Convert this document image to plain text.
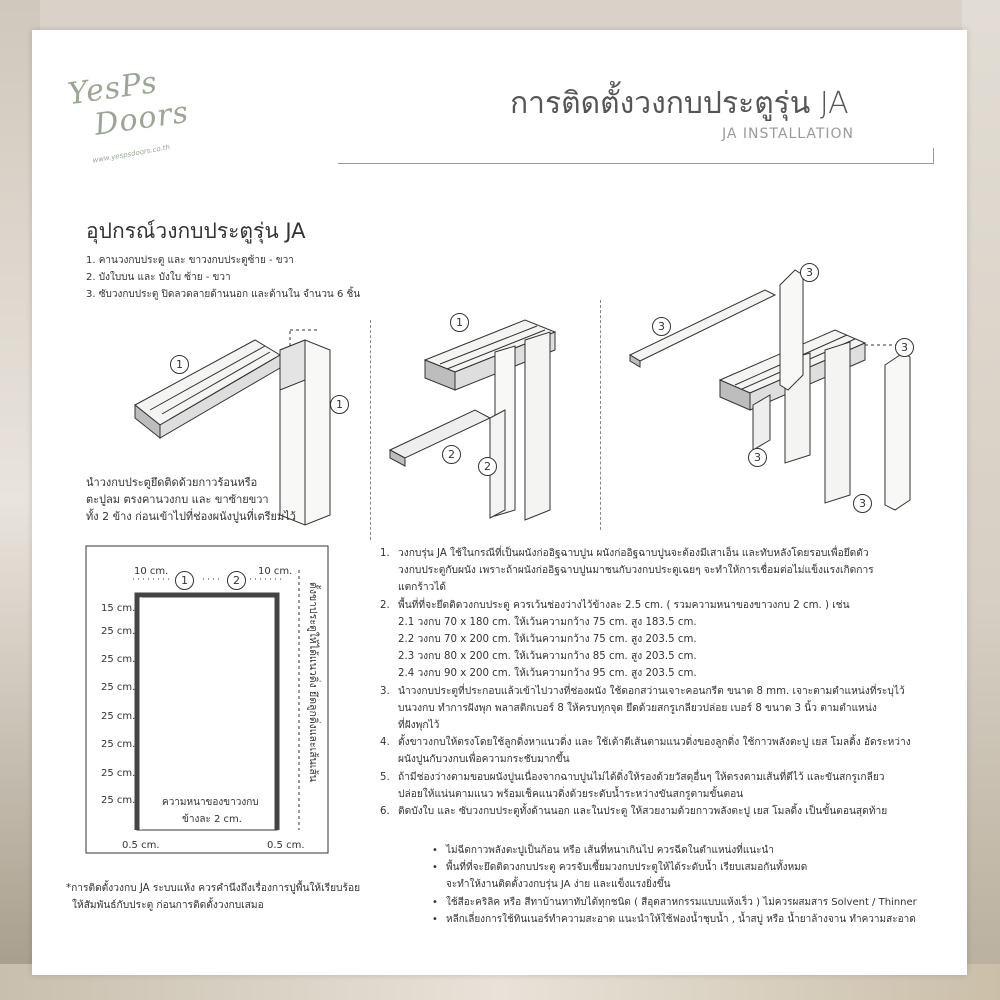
YesPs
Doors
www.yespsdoors.co.th
การติดตั้งวงกบประตูรุ่น JA
JA INSTALLATION
อุปกรณ์วงกบประตูรุ่น JA
1. คานวงกบประตู และ ขาวงกบประตูซ้าย - ขวา
2. บังใบบน และ บังใบ ซ้าย - ขวา
3. ซับวงกบประตู ปิดลวดลายด้านนอก และด้านใน จำนวน 6 ชิ้น
1
1
1
2
2
3
3
3
3
3
นำวงกบประตูยึดติดด้วยกาวร้อนหรือ
ตะปูลม ตรงคานวงกบ และ ขาซ้ายขวา
ทั้ง 2 ข้าง ก่อนเข้าไปที่ช่องผนังปูนที่เตรียมไว้
10 cm.	10 cm.
1	2
15 cm.
25 cm.
25 cm.
25 cm.
25 cm.
25 cm.
25 cm.
25 cm.	ความหนาของขาวงกบ
ข้างละ 2 cm.
0.5 cm.	0.5 cm.
ตั้งขาประตูให้ได้แนวดิ่ง ยึดลูกดิ่งและเส้นเส้น
1. วงกบรุ่น JA ใช้ในกรณีที่เป็นผนังก่ออิฐฉาบปูน ผนังก่ออิฐฉาบปูนจะต้องมีเสาเอ็น และทับหลังโดยรอบเพื่อยึดตัว
วงกบประตูกับผนัง เพราะถ้าผนังก่ออิฐฉาบปูนมาชนกับวงกบประตูเฉยๆ จะทำให้การเชื่อมต่อไม่แข็งแรงเกิดการ
แตกร้าวได้
2. พื้นที่ที่จะยึดติดวงกบประตู ควรเว้นช่องว่างไว้ข้างละ 2.5 cm. ( รวมความหนาของขาวงกบ 2 cm. ) เช่น
2.1 วงกบ 70 x 180 cm. ให้เว้นความกว้าง 75 cm. สูง 183.5 cm.
2.2 วงกบ 70 x 200 cm. ให้เว้นความกว้าง 75 cm. สูง 203.5 cm.
2.3 วงกบ 80 x 200 cm. ให้เว้นความกว้าง 85 cm. สูง 203.5 cm.
2.4 วงกบ 90 x 200 cm. ให้เว้นความกว้าง 95 cm. สูง 203.5 cm.
3. นำวงกบประตูที่ประกอบแล้วเข้าไปวางที่ช่องผนัง ใช้ดอกสว่านเจาะคอนกรีต ขนาด 8 mm. เจาะตามตำแหน่งที่ระบุไว้
บนวงกบ ทำการฝังพุก พลาสติกเบอร์ 8 ให้ครบทุกจุด ยึดด้วยสกรูเกลียวปล่อย เบอร์ 8 ขนาด 3 นิ้ว ตามตำแหน่ง
ที่ฝังพุกไว้
4. ตั้งขาวงกบให้ตรงโดยใช้ลูกดิ่งหาแนวดิ่ง และ ใช้เต้าตีเส้นตามแนวดิ่งของลูกดิ่ง ใช้กาวพลังตะปู เยส โมลดิ้ง อัดระหว่าง
ผนังปูนกับวงกบเพื่อความกระชับมากขึ้น
5. ถ้ามีช่องว่างตามขอบผนังปูนเนื่องจากฉาบปูนไม่ได้ดิ่งให้รองด้วยวัสดุอื่นๆ ให้ตรงตามเส้นที่ตีไว้ และขันสกรูเกลียว
ปล่อยให้แน่นตามแนว พร้อมเช็คแนวดิ่งด้วยระดับน้ำระหว่างขันสกรูตามขั้นตอน
6. ติดบังใบ และ ซับวงกบประตูทั้งด้านนอก และในประตู ให้สวยงามด้วยกาวพลังตะปู เยส โมลดิ้ง เป็นขั้นตอนสุดท้าย
• ไม่ฉีดกาวพลังตะปูเป็นก้อน หรือ เส้นที่หนาเกินไป ควรฉีดในตำแหน่งที่แนะนำ
• พื้นที่ที่จะยึดติดวงกบประตู ควรจับเซี้ยมวงกบประตูให้ได้ระดับน้ำ เรียบเสมอกันทั้งหมด
จะทำให้งานติดตั้งวงกบรุ่น JA ง่าย และแข็งแรงยิ่งขึ้น
• ใช้สีอะคริลิค หรือ สีทาบ้านทาทับได้ทุกชนิด ( สีอุตสาหกรรมแบบแห้งเร็ว ) ไม่ควรผสมสาร Solvent / Thinner
• หลีกเลี่ยงการใช้ทินเนอร์ทำความสะอาด แนะนำให้ใช้ฟองน้ำชุบน้ำ , น้ำสบู่ หรือ น้ำยาล้างจาน ทำความสะอาด
*การติดตั้งวงกบ JA ระบบแห้ง ควรคำนึงถึงเรื่องการปูพื้นให้เรียบร้อย
ให้สัมพันธ์กับประตู ก่อนการติดตั้งวงกบเสมอ
